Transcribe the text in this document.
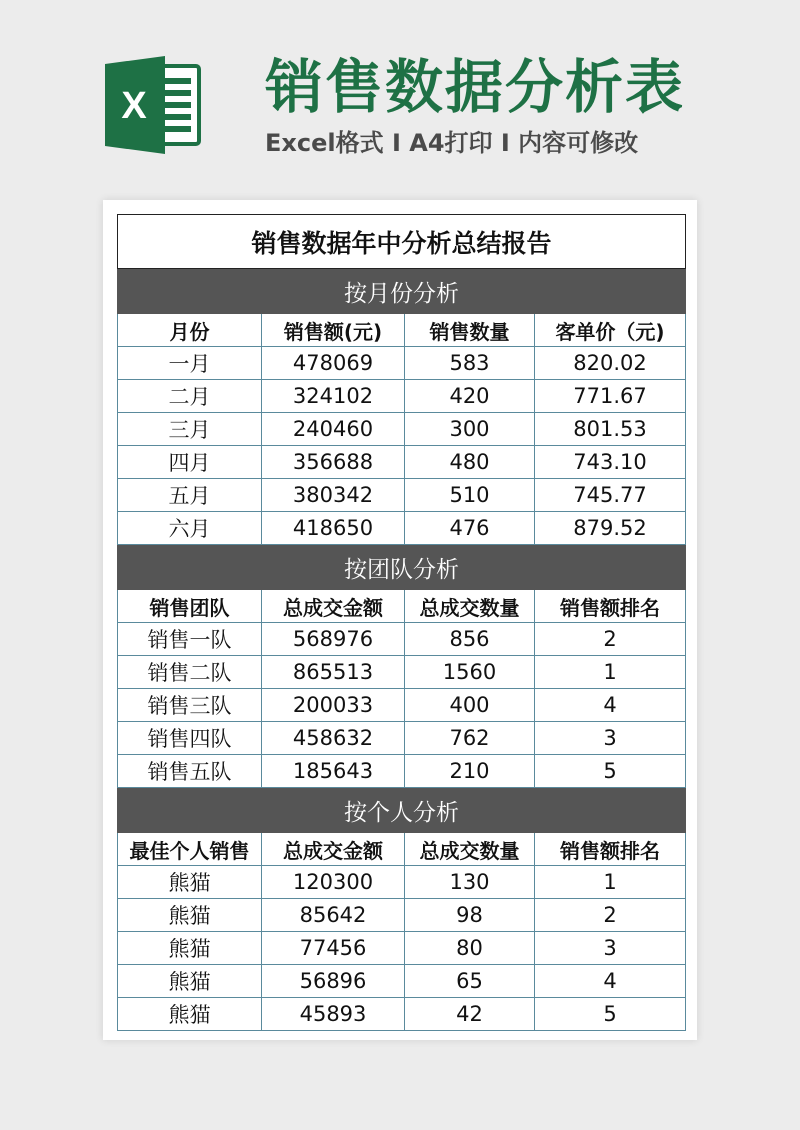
X 销售数据分析表
Excel格式 I A4打印 I 内容可修改
销售数据年中分析总结报告			
按月份分析			
月份	销售额(元)	销售数量	客单价（元)
一月	478069	583	820.02
二月	324102	420	771.67
三月	240460	300	801.53
四月	356688	480	743.10
五月	380342	510	745.77
六月	418650	476	879.52
按团队分析			
销售团队	总成交金额	总成交数量	销售额排名
销售一队	568976	856	2
销售二队	865513	1560	1
销售三队	200033	400	4
销售四队	458632	762	3
销售五队	185643	210	5
按个人分析			
最佳个人销售	总成交金额	总成交数量	销售额排名
熊猫	120300	130	1
熊猫	85642	98	2
熊猫	77456	80	3
熊猫	56896	65	4
熊猫	45893	42	5
